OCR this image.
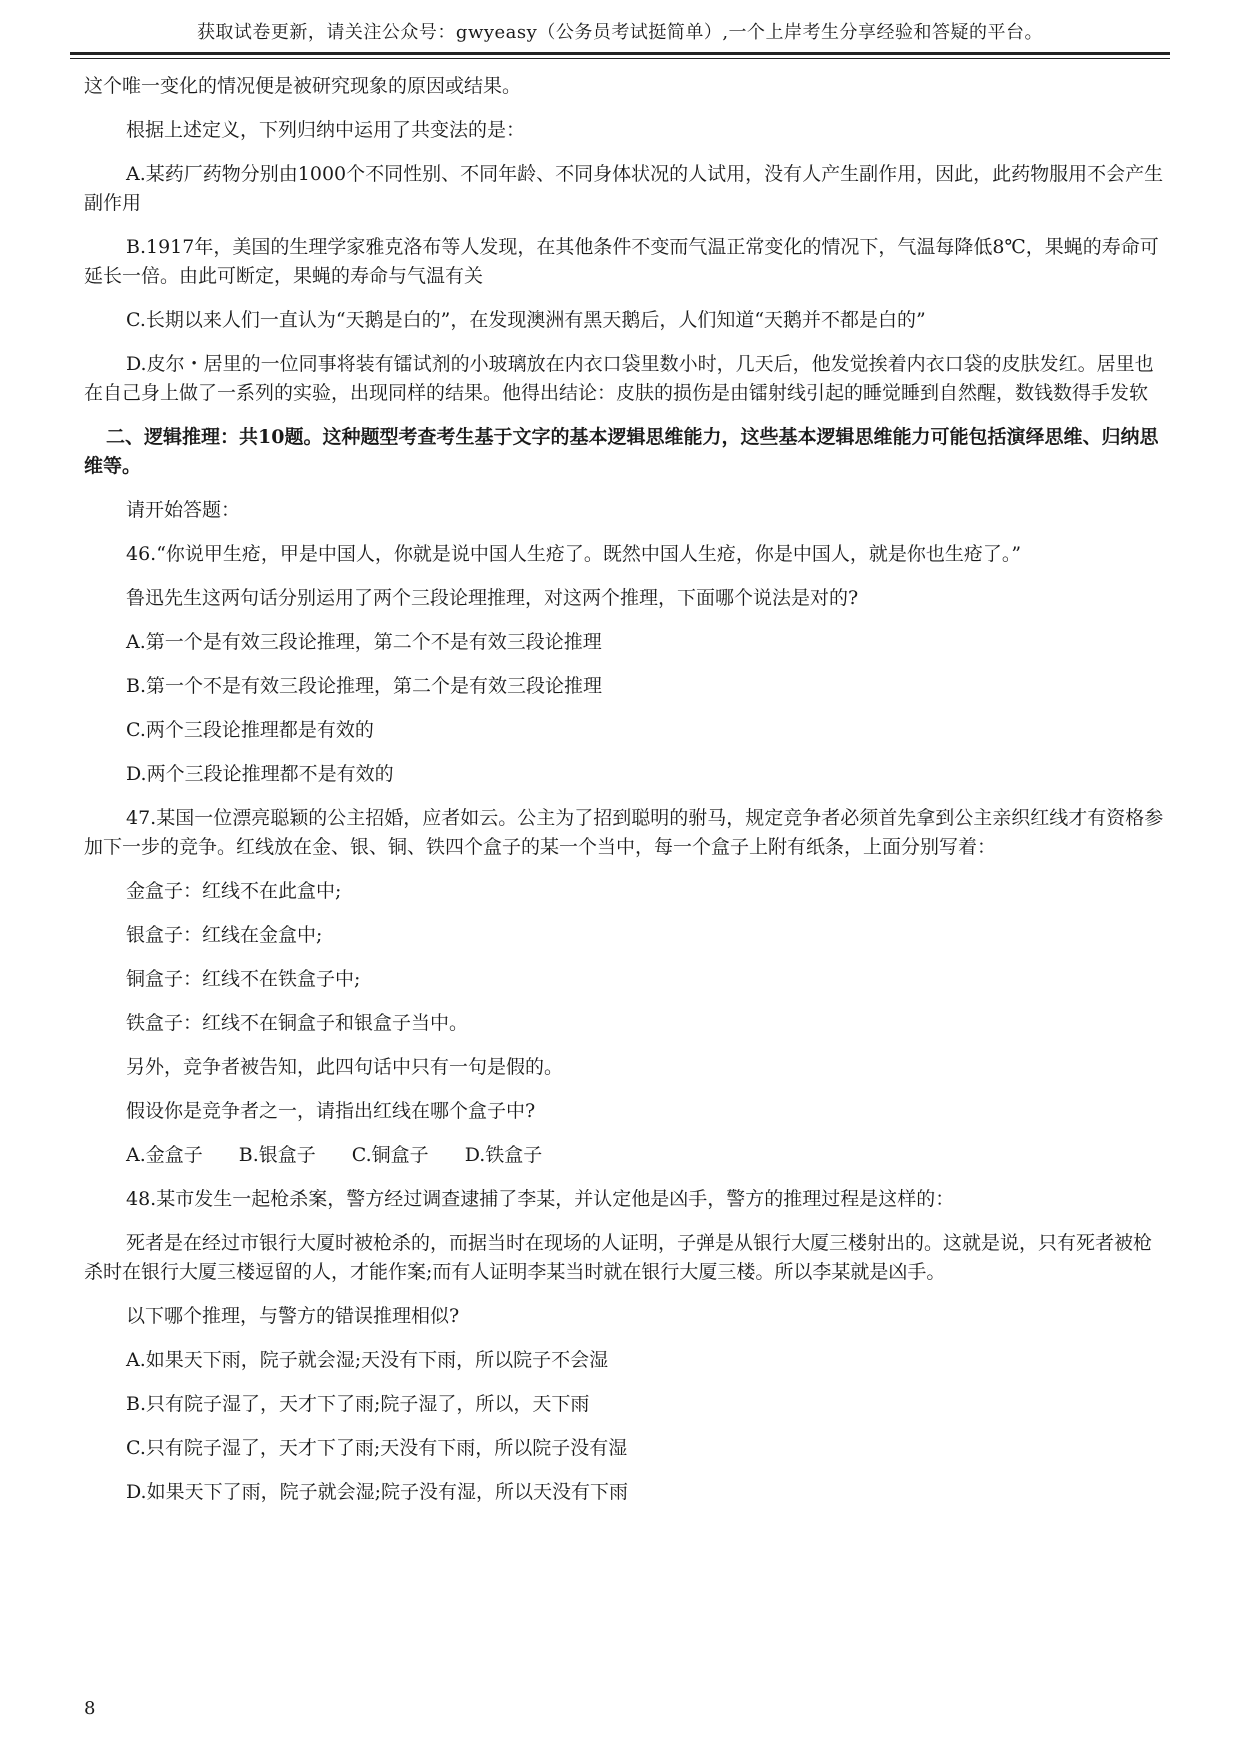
获取试卷更新，请关注公众号：gwyeasy（公务员考试挺简单）,一个上岸考生分享经验和答疑的平台。

这个唯一变化的情况便是被研究现象的原因或结果。

根据上述定义，下列归纳中运用了共变法的是：

A.某药厂药物分别由1000个不同性别、不同年龄、不同身体状况的人试用，没有人产生副作用，因此，此药物服用不会产生副作用

B.1917年，美国的生理学家雅克洛布等人发现，在其他条件不变而气温正常变化的情况下，气温每降低8℃，果蝇的寿命可延长一倍。由此可断定，果蝇的寿命与气温有关

C.长期以来人们一直认为“天鹅是白的”，在发现澳洲有黑天鹅后，人们知道“天鹅并不都是白的”

D.皮尔・居里的一位同事将装有镭试剂的小玻璃放在内衣口袋里数小时，几天后，他发觉挨着内衣口袋的皮肤发红。居里也在自己身上做了一系列的实验，出现同样的结果。他得出结论：皮肤的损伤是由镭射线引起的睡觉睡到自然醒，数钱数得手发软

二、逻辑推理：共10题。这种题型考查考生基于文字的基本逻辑思维能力，这些基本逻辑思维能力可能包括演绎思维、归纳思维等。

请开始答题：

46.“你说甲生疮，甲是中国人，你就是说中国人生疮了。既然中国人生疮，你是中国人，就是你也生疮了。”

鲁迅先生这两句话分别运用了两个三段论理推理，对这两个推理，下面哪个说法是对的?

A.第一个是有效三段论推理，第二个不是有效三段论推理

B.第一个不是有效三段论推理，第二个是有效三段论推理

C.两个三段论推理都是有效的

D.两个三段论推理都不是有效的

47.某国一位漂亮聪颖的公主招婚，应者如云。公主为了招到聪明的驸马，规定竞争者必须首先拿到公主亲织红线才有资格参加下一步的竞争。红线放在金、银、铜、铁四个盒子的某一个当中，每一个盒子上附有纸条，上面分别写着：

金盒子：红线不在此盒中;

银盒子：红线在金盒中;

铜盒子：红线不在铁盒子中;

铁盒子：红线不在铜盒子和银盒子当中。

另外，竞争者被告知，此四句话中只有一句是假的。

假设你是竞争者之一，请指出红线在哪个盒子中?

A.金盒子 B.银盒子 C.铜盒子 D.铁盒子

48.某市发生一起枪杀案，警方经过调查逮捕了李某，并认定他是凶手，警方的推理过程是这样的：

死者是在经过市银行大厦时被枪杀的，而据当时在现场的人证明，子弹是从银行大厦三楼射出的。这就是说，只有死者被枪杀时在银行大厦三楼逗留的人，才能作案;而有人证明李某当时就在银行大厦三楼。所以李某就是凶手。

以下哪个推理，与警方的错误推理相似?

A.如果天下雨，院子就会湿;天没有下雨，所以院子不会湿

B.只有院子湿了，天才下了雨;院子湿了，所以，天下雨

C.只有院子湿了，天才下了雨;天没有下雨，所以院子没有湿

D.如果天下了雨，院子就会湿;院子没有湿，所以天没有下雨

8
